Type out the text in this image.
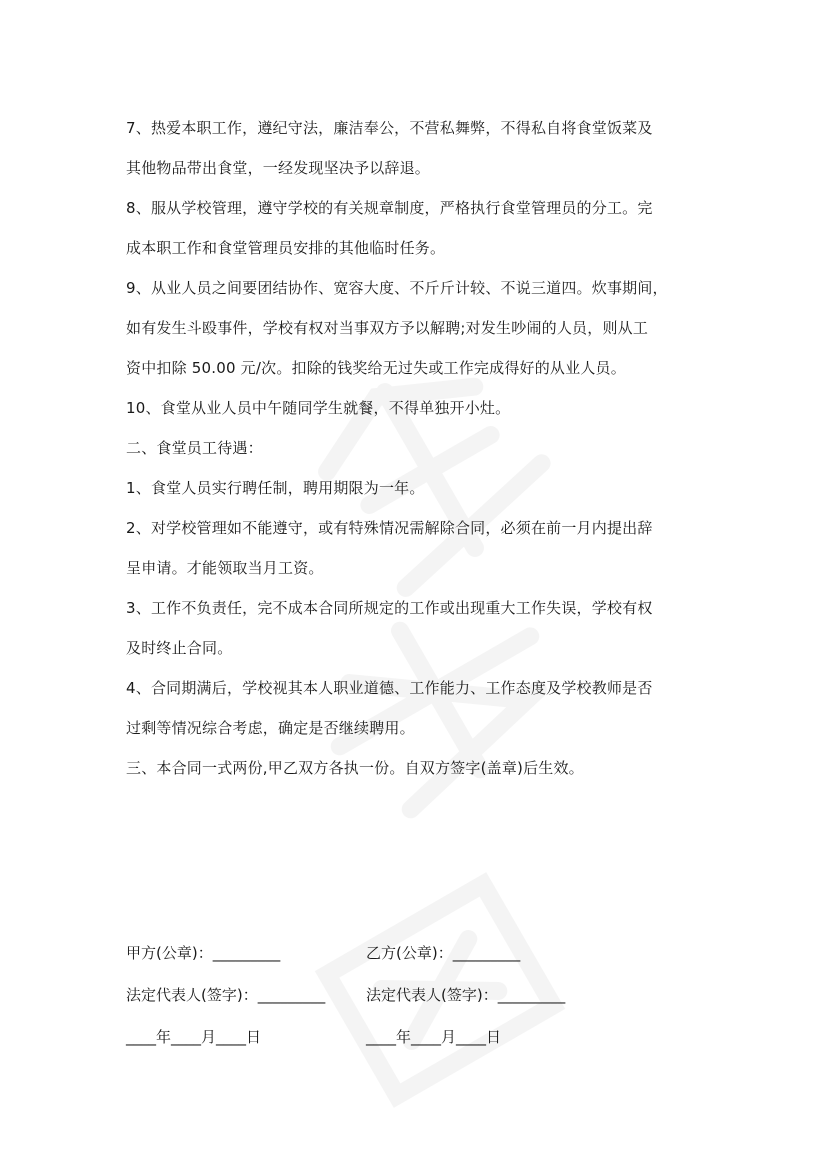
7、热爱本职工作，遵纪守法，廉洁奉公，不营私舞弊，不得私自将食堂饭菜及
其他物品带出食堂，一经发现坚决予以辞退。

8、服从学校管理，遵守学校的有关规章制度，严格执行食堂管理员的分工。完
成本职工作和食堂管理员安排的其他临时任务。

9、从业人员之间要团结协作、宽容大度、不斤斤计较、不说三道四。炊事期间，
如有发生斗殴事件，学校有权对当事双方予以解聘;对发生吵闹的人员，则从工
资中扣除 50.00 元/次。扣除的钱奖给无过失或工作完成得好的从业人员。

10、食堂从业人员中午随同学生就餐，不得单独开小灶。

二、食堂员工待遇：

1、食堂人员实行聘任制，聘用期限为一年。

2、对学校管理如不能遵守，或有特殊情况需解除合同，必须在前一月内提出辞
呈申请。才能领取当月工资。

3、工作不负责任，完不成本合同所规定的工作或出现重大工作失误，学校有权
及时终止合同。

4、合同期满后，学校视其本人职业道德、工作能力、工作态度及学校教师是否
过剩等情况综合考虑，确定是否继续聘用。

三、本合同一式两份,甲乙双方各执一份。自双方签字(盖章)后生效。

甲方(公章)：_________	乙方(公章)：_________
法定代表人(签字)：_________	法定代表人(签字)：_________
____年____月____日	____年____月____日
